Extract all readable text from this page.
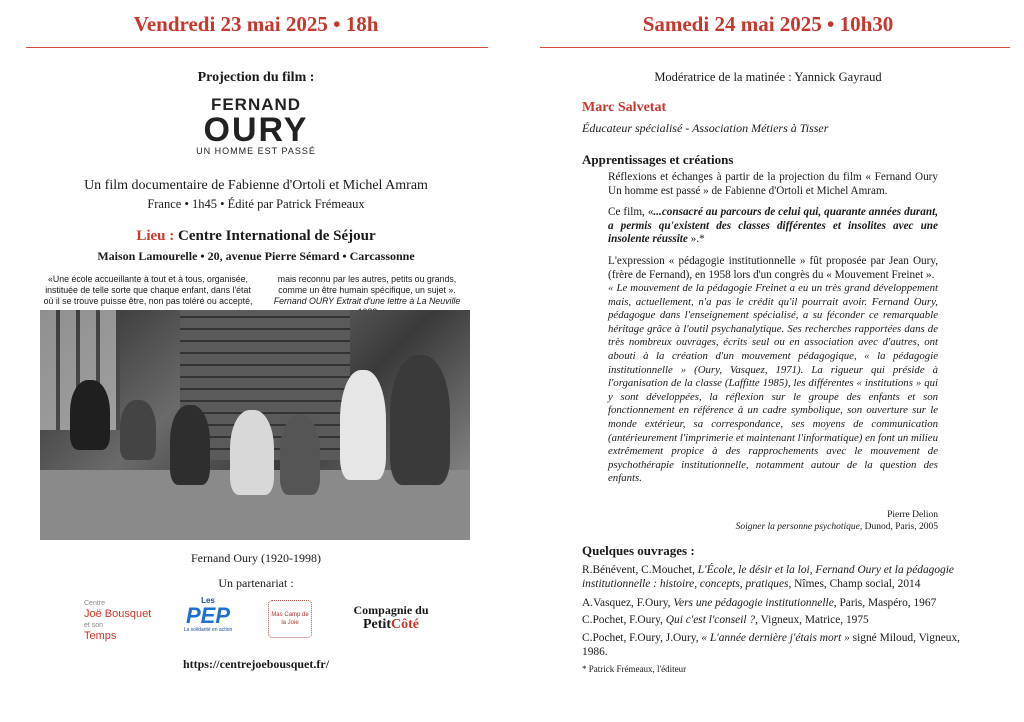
Vendredi 23 mai 2025 • 18h	Samedi 24 mai 2025 • 10h30
Projection du film :
FERNAND
OURY
UN HOMME EST PASSÉ
Un film documentaire de Fabienne d'Ortoli et Michel Amram
France • 1h45 • Édité par Patrick Frémeaux
Lieu : Centre International de Séjour
Maison Lamourelle • 20, avenue Pierre Sémard • Carcassonne
«Une école accueillante à tout et à tous, organisée, instituée de telle sorte que chaque enfant, dans l'état où il se trouve puisse être, non pas toléré ou accepté,
mais reconnu par les autres, petits ou grands, comme un être humain spécifique, un sujet ».
Fernand OURY Extrait d'une lettre à La Neuville
Fernand Oury (1920-1998)
Un partenariat :
Centre
Joë Bousquet
et son
Temps
Les
PEP
La solidarité en action
Mas Camp de la Joie
Compagnie du
PetitCôté
https://centrejoebousquet.fr/
Modératrice de la matinée : Yannick Gayraud
Marc Salvetat
Éducateur spécialisé - Association Métiers à Tisser
Apprentissages et créations
Réflexions et échanges à partir de la projection du film « Fernand Oury Un homme est passé » de Fabienne d'Ortoli et Michel Amram.
Ce film, «...consacré au parcours de celui qui, quarante années durant, a permis qu'existent des classes différentes et insolites avec une insolente réussite ».*
L'expression « pédagogie institutionnelle » fût proposée par Jean Oury, (frère de Fernand), en 1958 lors d'un congrès du « Mouvement Freinet ».
« Le mouvement de la pédagogie Freinet a eu un très grand développement mais, actuellement, n'a pas le crédit qu'il pourrait avoir. Fernand Oury, pédagogue dans l'enseignement spécialisé, a su féconder ce remarquable héritage grâce à l'outil psychanalytique. Ses recherches rapportées dans de très nombreux ouvrages, écrits seul ou en association avec d'autres, ont abouti à la création d'un mouvement pédagogique, « la pédagogie institutionnelle » (Oury, Vasquez, 1971). La rigueur qui préside à l'organisation de la classe (Laffitte 1985), les différentes « institutions » qui y sont développées, la réflexion sur le groupe des enfants et son fonctionnement en référence à un cadre symbolique, son ouverture sur le monde extérieur, sa correspondance, ses moyens de communication (antérieurement l'imprimerie et maintenant l'informatique) en font un milieu extrêmement propice à des rapprochements avec le mouvement de psychothérapie institutionnelle, notamment autour de la question des enfants.
Pierre Delion
Soigner la personne psychotique, Dunod, Paris, 2005
Quelques ouvrages :
R.Bénévent, C.Mouchet, L'École, le désir et la loi, Fernand Oury et la pédagogie institutionnelle : histoire, concepts, pratiques, Nîmes, Champ social, 2014
A.Vasquez, F.Oury, Vers une pédagogie institutionnelle, Paris, Maspéro, 1967
C.Pochet, F.Oury, Qui c'est l'conseil ?, Vigneux, Matrice, 1975
C.Pochet, F.Oury, J.Oury, « L'année dernière j'étais mort » signé Miloud, Vigneux, 1986.
* Patrick Frémeaux, l'éditeur
